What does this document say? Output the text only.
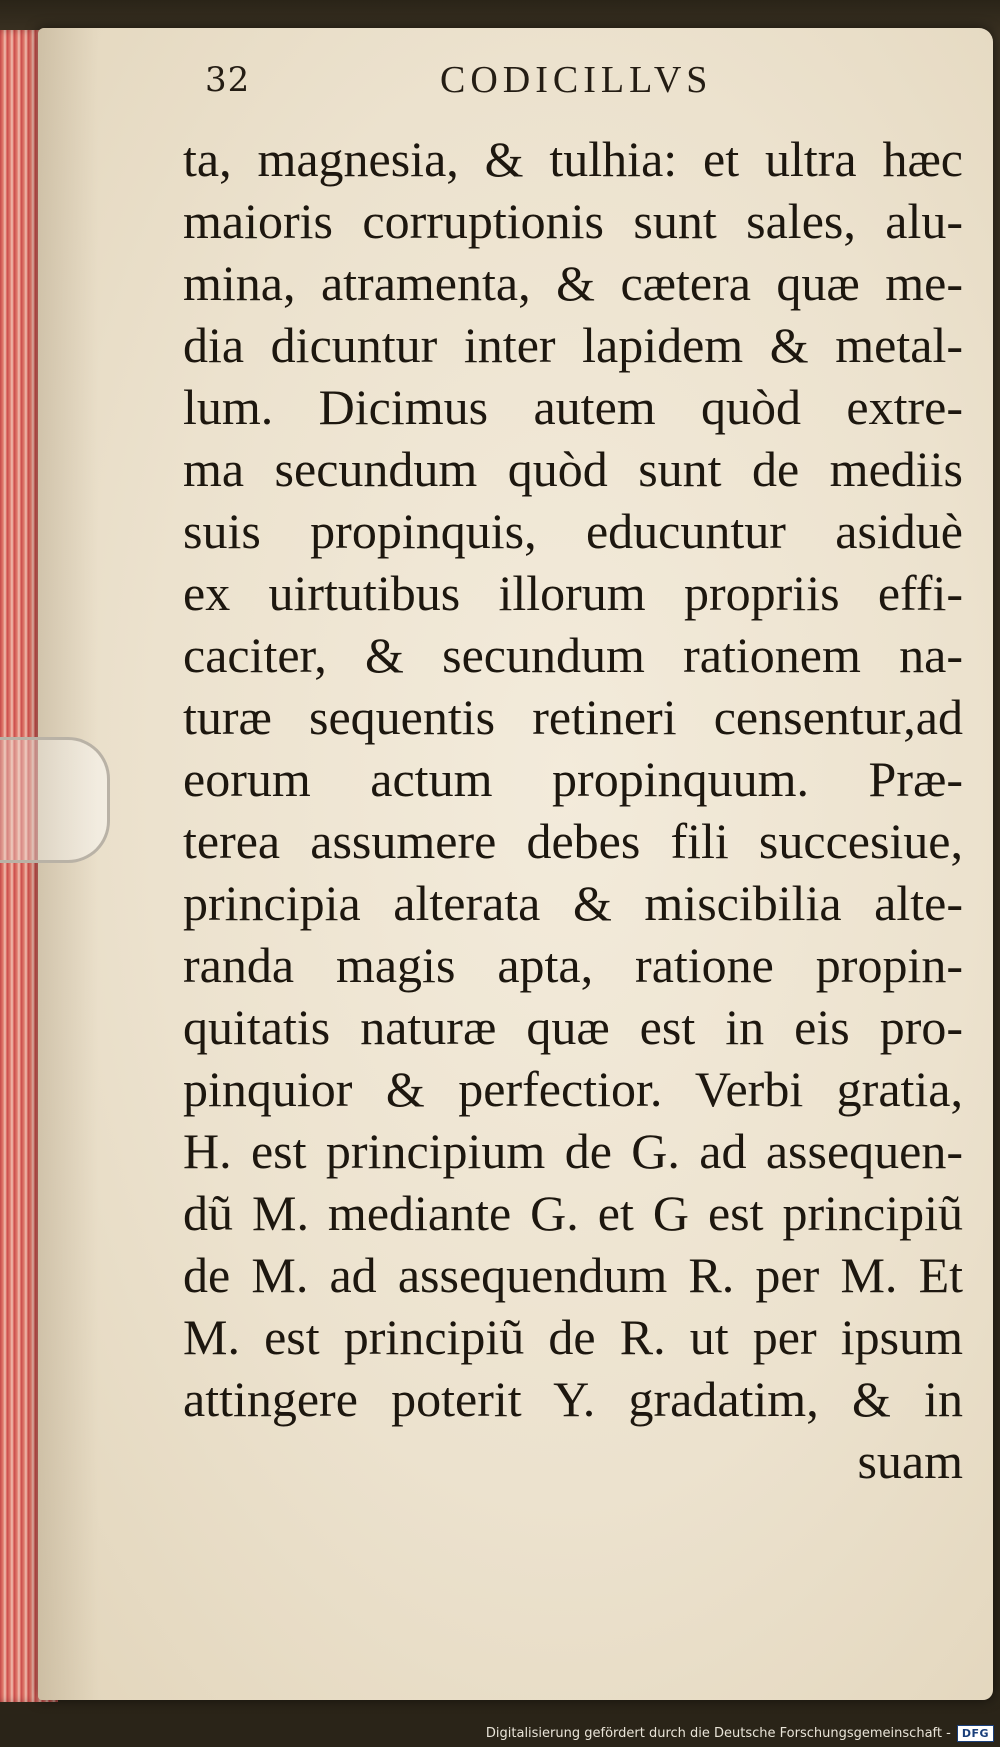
32	CODICILLVS
ta, magnesia, & tulhia: et ultra hæc
maioris corruptionis sunt sales, alu-
mina, atramenta, & cætera quæ me-
dia dicuntur inter lapidem & metal-
lum. Dicimus autem quòd extre-
ma secundum quòd sunt de mediis
suis propinquis, educuntur asiduè
ex uirtutibus illorum propriis effi-
caciter, & secundum rationem na-
turæ sequentis retineri censentur,ad
eorum actum propinquum. Præ-
terea assumere debes fili succesiue,
principia alterata & miscibilia alte-
randa magis apta, ratione propin-
quitatis naturæ quæ est in eis pro-
pinquior & perfectior. Verbi gratia,
H. est principium de G. ad assequen-
dũ M. mediante G. et G est principiũ
de M. ad assequendum R. per M. Et
M. est principiũ de R. ut per ipsum
attingere poterit Y. gradatim, & in
suam
Digitalisierung gefördert durch die Deutsche Forschungsgemeinschaft -	DFG
